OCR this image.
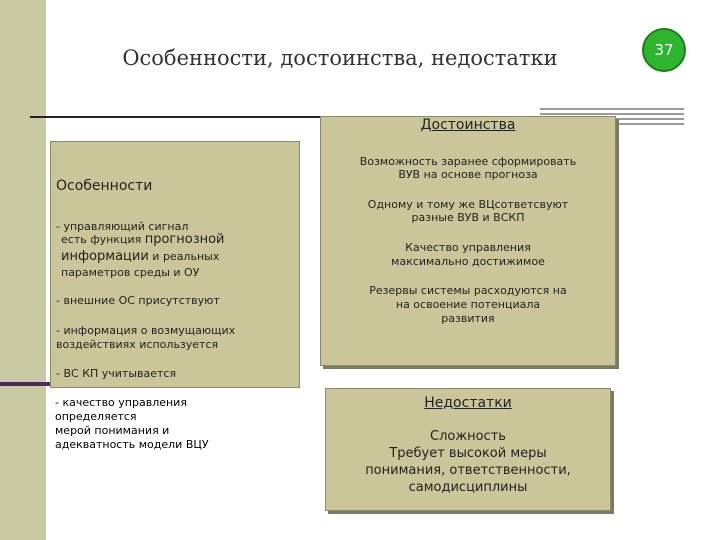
Особенности, достоинства, недостатки	37
Особенности
- управляющий сигнал
есть функция прогнозной
информации и реальных
параметров среды и ОУ
- внешние ОС присутствуют
- информация о возмущающих
воздействиях используется
- ВС КП учитывается
- качество управления
определяется
мерой понимания и
адекватность модели ВЦУ
Достоинства
Возможность заранее сформировать
ВУВ на основе прогноза
Одному и тому же ВЦсответсвуют
разные ВУВ и ВСКП
Качество управления
максимально достижимое
Резервы системы расходуются на
на освоение потенциала
развития
Недостатки
Сложность
Требует высокой меры
понимания, ответственности,
самодисциплины
